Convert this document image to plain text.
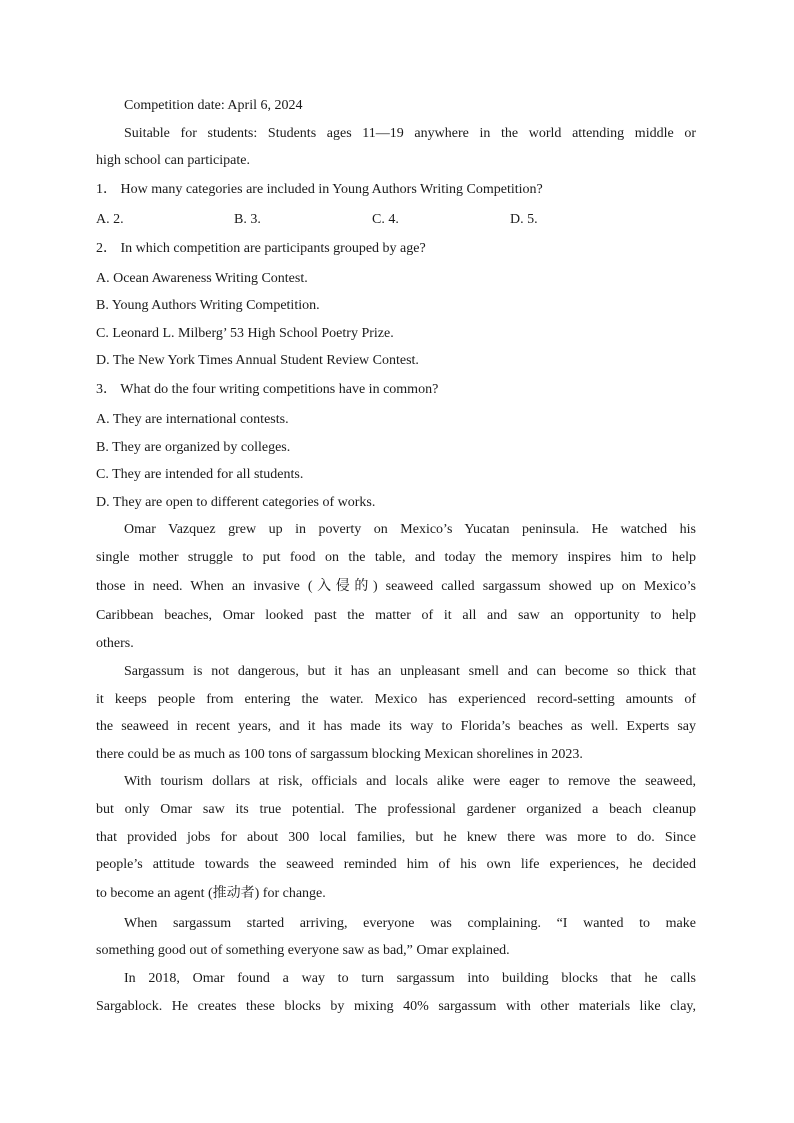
Competition date: April 6, 2024
Suitable for students: Students ages 11—19 anywhere in the world attending middle or
high school can participate.
1． How many categories are included in Young Authors Writing Competition?
A. 2.	B. 3.	C. 4.	D. 5.
2． In which competition are participants grouped by age?
A. Ocean Awareness Writing Contest.
B. Young Authors Writing Competition.
C. Leonard L. Milberg’ 53 High School Poetry Prize.
D. The New York Times Annual Student Review Contest.
3． What do the four writing competitions have in common?
A. They are international contests.
B. They are organized by colleges.
C. They are intended for all students.
D. They are open to different categories of works.
Omar Vazquez grew up in poverty on Mexico’s Yucatan peninsula. He watched his
single mother struggle to put food on the table, and today the memory inspires him to help
those in need. When an invasive (入侵的) seaweed called sargassum showed up on Mexico’s
Caribbean beaches, Omar looked past the matter of it all and saw an opportunity to help
others.
Sargassum is not dangerous, but it has an unpleasant smell and can become so thick that
it keeps people from entering the water. Mexico has experienced record-setting amounts of
the seaweed in recent years, and it has made its way to Florida’s beaches as well. Experts say
there could be as much as 100 tons of sargassum blocking Mexican shorelines in 2023.
With tourism dollars at risk, officials and locals alike were eager to remove the seaweed,
but only Omar saw its true potential. The professional gardener organized a beach cleanup
that provided jobs for about 300 local families, but he knew there was more to do. Since
people’s attitude towards the seaweed reminded him of his own life experiences, he decided
to become an agent (推动者) for change.
When sargassum started arriving, everyone was complaining. “I wanted to make
something good out of something everyone saw as bad,” Omar explained.
In 2018, Omar found a way to turn sargassum into building blocks that he calls
Sargablock. He creates these blocks by mixing 40% sargassum with other materials like clay,
